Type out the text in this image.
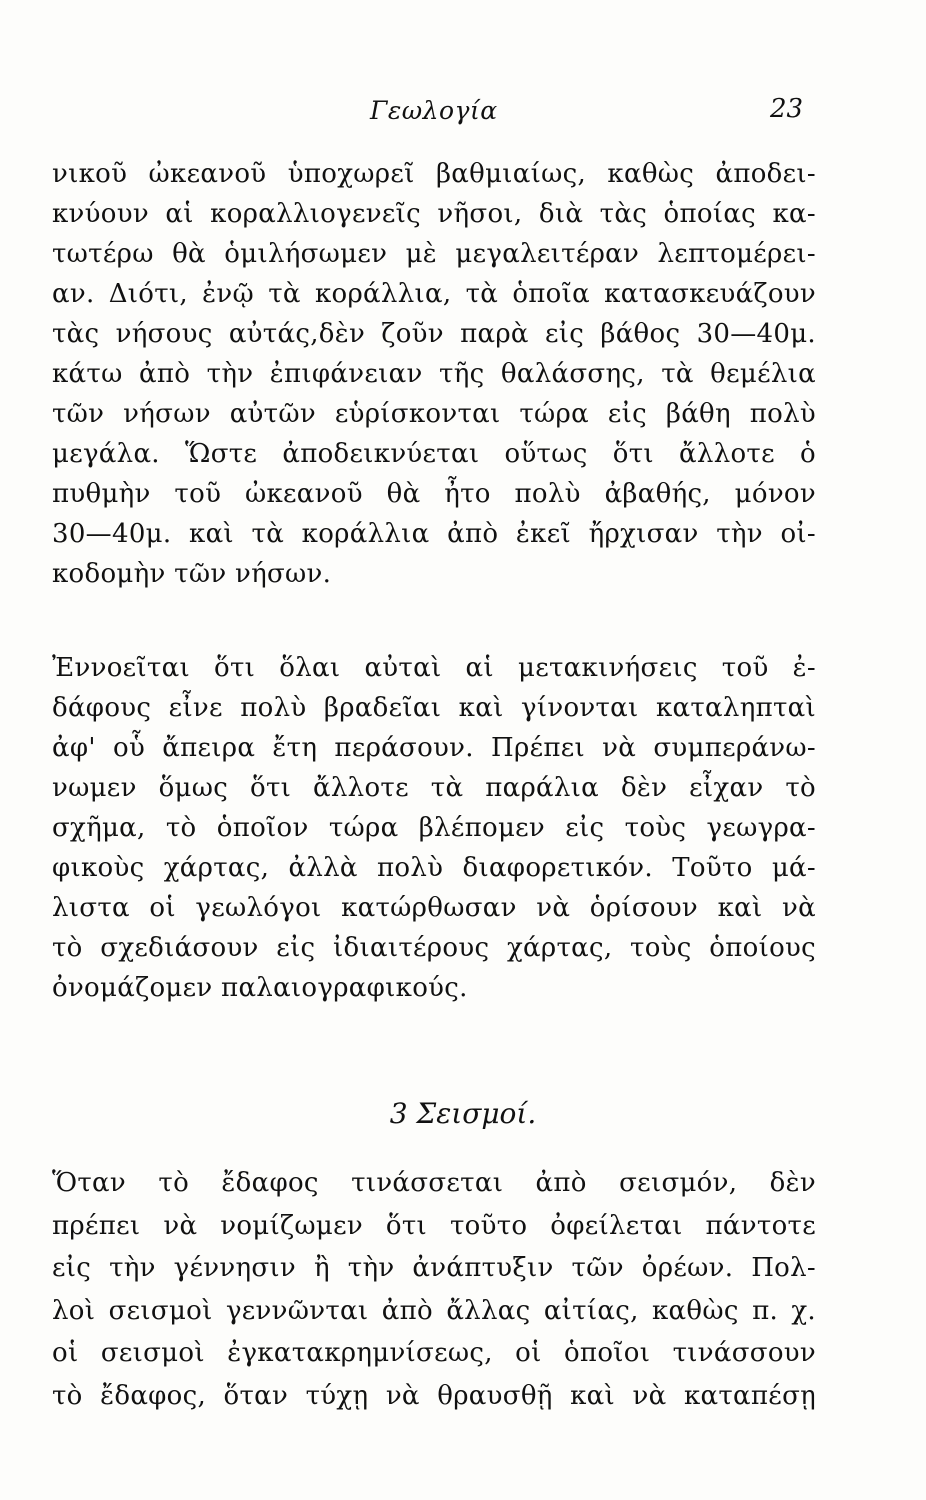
Γεωλογία	23
νικοῦ ὠκεανοῦ ὑποχωρεῖ βαθμιαίως, καθὼς ἀποδει-
κνύουν αἱ κοραλλιογενεῖς νῆσοι, διὰ τὰς ὁποίας κα-
τωτέρω θὰ ὁμιλήσωμεν μὲ μεγαλειτέραν λεπτομέρει-
αν. Διότι, ἐνῷ τὰ κοράλλια, τὰ ὁποῖα κατασκευάζουν
τὰς νήσους αὐτάς,δὲν ζοῦν παρὰ εἰς βάθος 30—40μ.
κάτω ἀπὸ τὴν ἐπιφάνειαν τῆς θαλάσσης, τὰ θεμέλια
τῶν νήσων αὐτῶν εὑρίσκονται τώρα εἰς βάθη πολὺ
μεγάλα. Ὥστε ἀποδεικνύεται οὕτως ὅτι ἄλλοτε ὁ
πυθμὴν τοῦ ὠκεανοῦ θὰ ἦτο πολὺ ἀβαθής, μόνον
30—40μ. καὶ τὰ κοράλλια ἀπὸ ἐκεῖ ἤρχισαν τὴν οἰ-
κοδομὴν τῶν νήσων.
Ἐννοεῖται ὅτι ὅλαι αὐταὶ αἱ μετακινήσεις τοῦ ἐ-
δάφους εἶνε πολὺ βραδεῖαι καὶ γίνονται καταληπταὶ
ἀφ' οὗ ἄπειρα ἔτη περάσουν. Πρέπει νὰ συμπεράνω-
νωμεν ὅμως ὅτι ἄλλοτε τὰ παράλια δὲν εἶχαν τὸ
σχῆμα, τὸ ὁποῖον τώρα βλέπομεν εἰς τοὺς γεωγρα-
φικοὺς χάρτας, ἀλλὰ πολὺ διαφορετικόν. Τοῦτο μά-
λιστα οἱ γεωλόγοι κατώρθωσαν νὰ ὁρίσουν καὶ νὰ
τὸ σχεδιάσουν εἰς ἰδιαιτέρους χάρτας, τοὺς ὁποίους
ὀνομάζομεν παλαιογραφικούς.
3 Σεισμοί.
Ὅταν τὸ ἔδαφος τινάσσεται ἀπὸ σεισμόν, δὲν
πρέπει νὰ νομίζωμεν ὅτι τοῦτο ὀφείλεται πάντοτε
εἰς τὴν γέννησιν ἢ τὴν ἀνάπτυξιν τῶν ὀρέων. Πολ-
λοὶ σεισμοὶ γεννῶνται ἀπὸ ἄλλας αἰτίας, καθὼς π. χ.
οἱ σεισμοὶ ἐγκατακρημνίσεως, οἱ ὁποῖοι τινάσσουν
τὸ ἔδαφος, ὅταν τύχῃ νὰ θραυσθῇ καὶ νὰ καταπέσῃ
